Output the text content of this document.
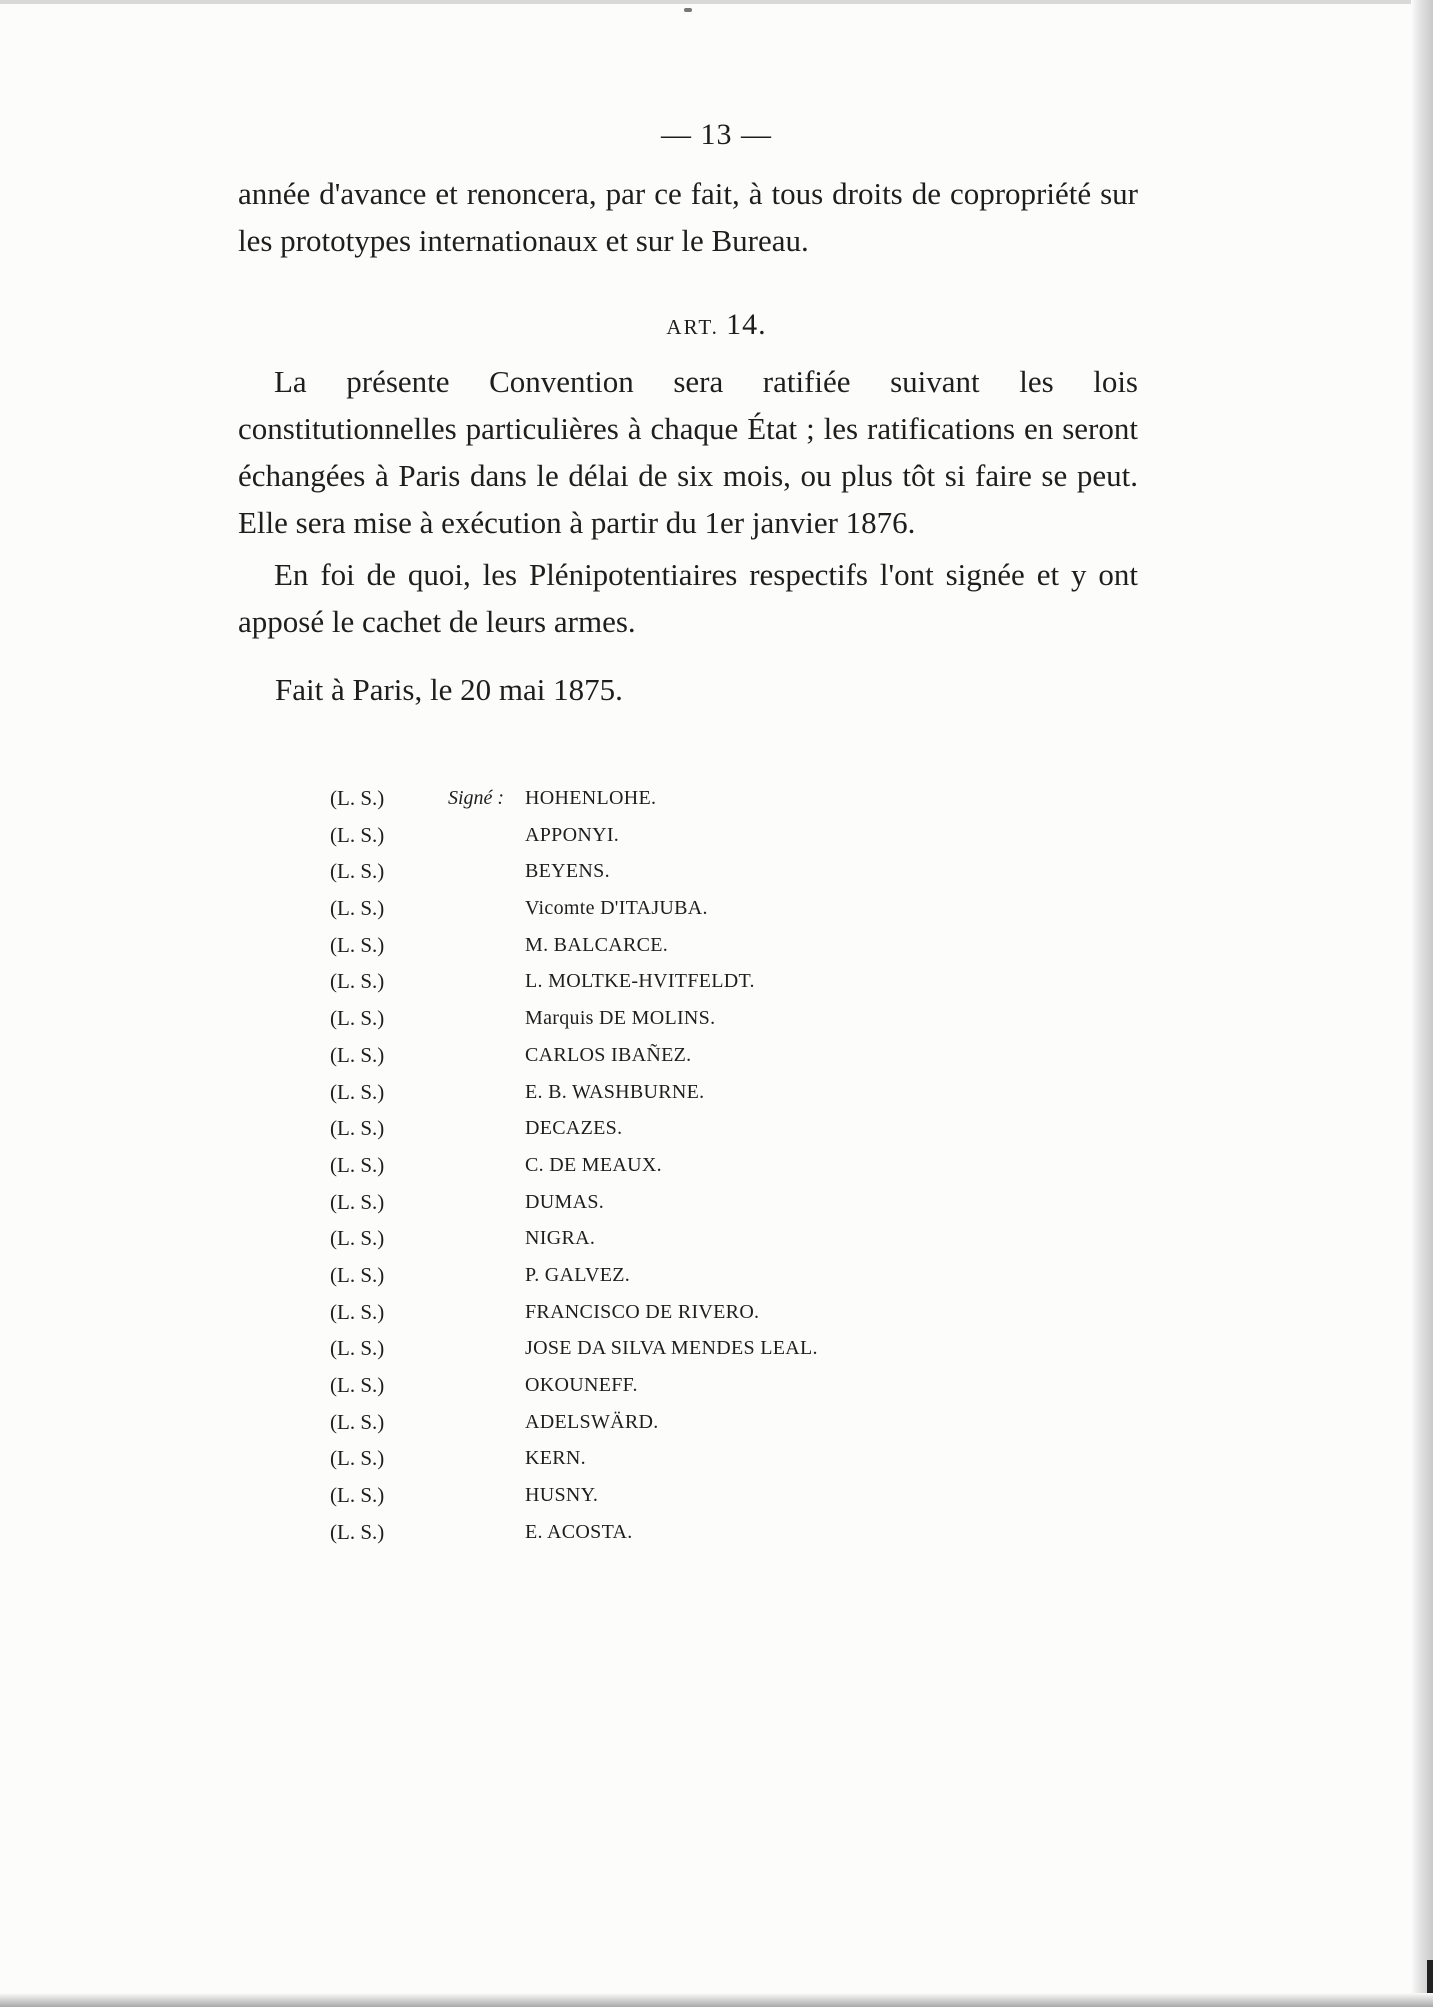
— 13 —
année d'avance et renoncera, par ce fait, à tous droits de copropriété sur les prototypes internationaux et sur le Bureau.
ART. 14.
La présente Convention sera ratifiée suivant les lois constitutionnelles particulières à chaque État ; les ratifications en seront échangées à Paris dans le délai de six mois, ou plus tôt si faire se peut. Elle sera mise à exécution à partir du 1er janvier 1876.
En foi de quoi, les Plénipotentiaires respectifs l'ont signée et y ont apposé le cachet de leurs armes.
Fait à Paris, le 20 mai 1875.
(L. S.)	Signé : HOHENLOHE.
(L. S.)	APPONYI.
(L. S.)	BEYENS.
(L. S.)	Vicomte D'ITAJUBA.
(L. S.)	M. BALCARCE.
(L. S.)	L. MOLTKE-HVITFELDT.
(L. S.)	Marquis DE MOLINS.
(L. S.)	CARLOS IBAÑEZ.
(L. S.)	E. B. WASHBURNE.
(L. S.)	DECAZES.
(L. S.)	C. DE MEAUX.
(L. S.)	DUMAS.
(L. S.)	NIGRA.
(L. S.)	P. GALVEZ.
(L. S.)	FRANCISCO DE RIVERO.
(L. S.)	JOSE DA SILVA MENDES LEAL.
(L. S.)	OKOUNEFF.
(L. S.)	ADELSWÄRD.
(L. S.)	KERN.
(L. S.)	HUSNY.
(L. S.)	E. ACOSTA.
